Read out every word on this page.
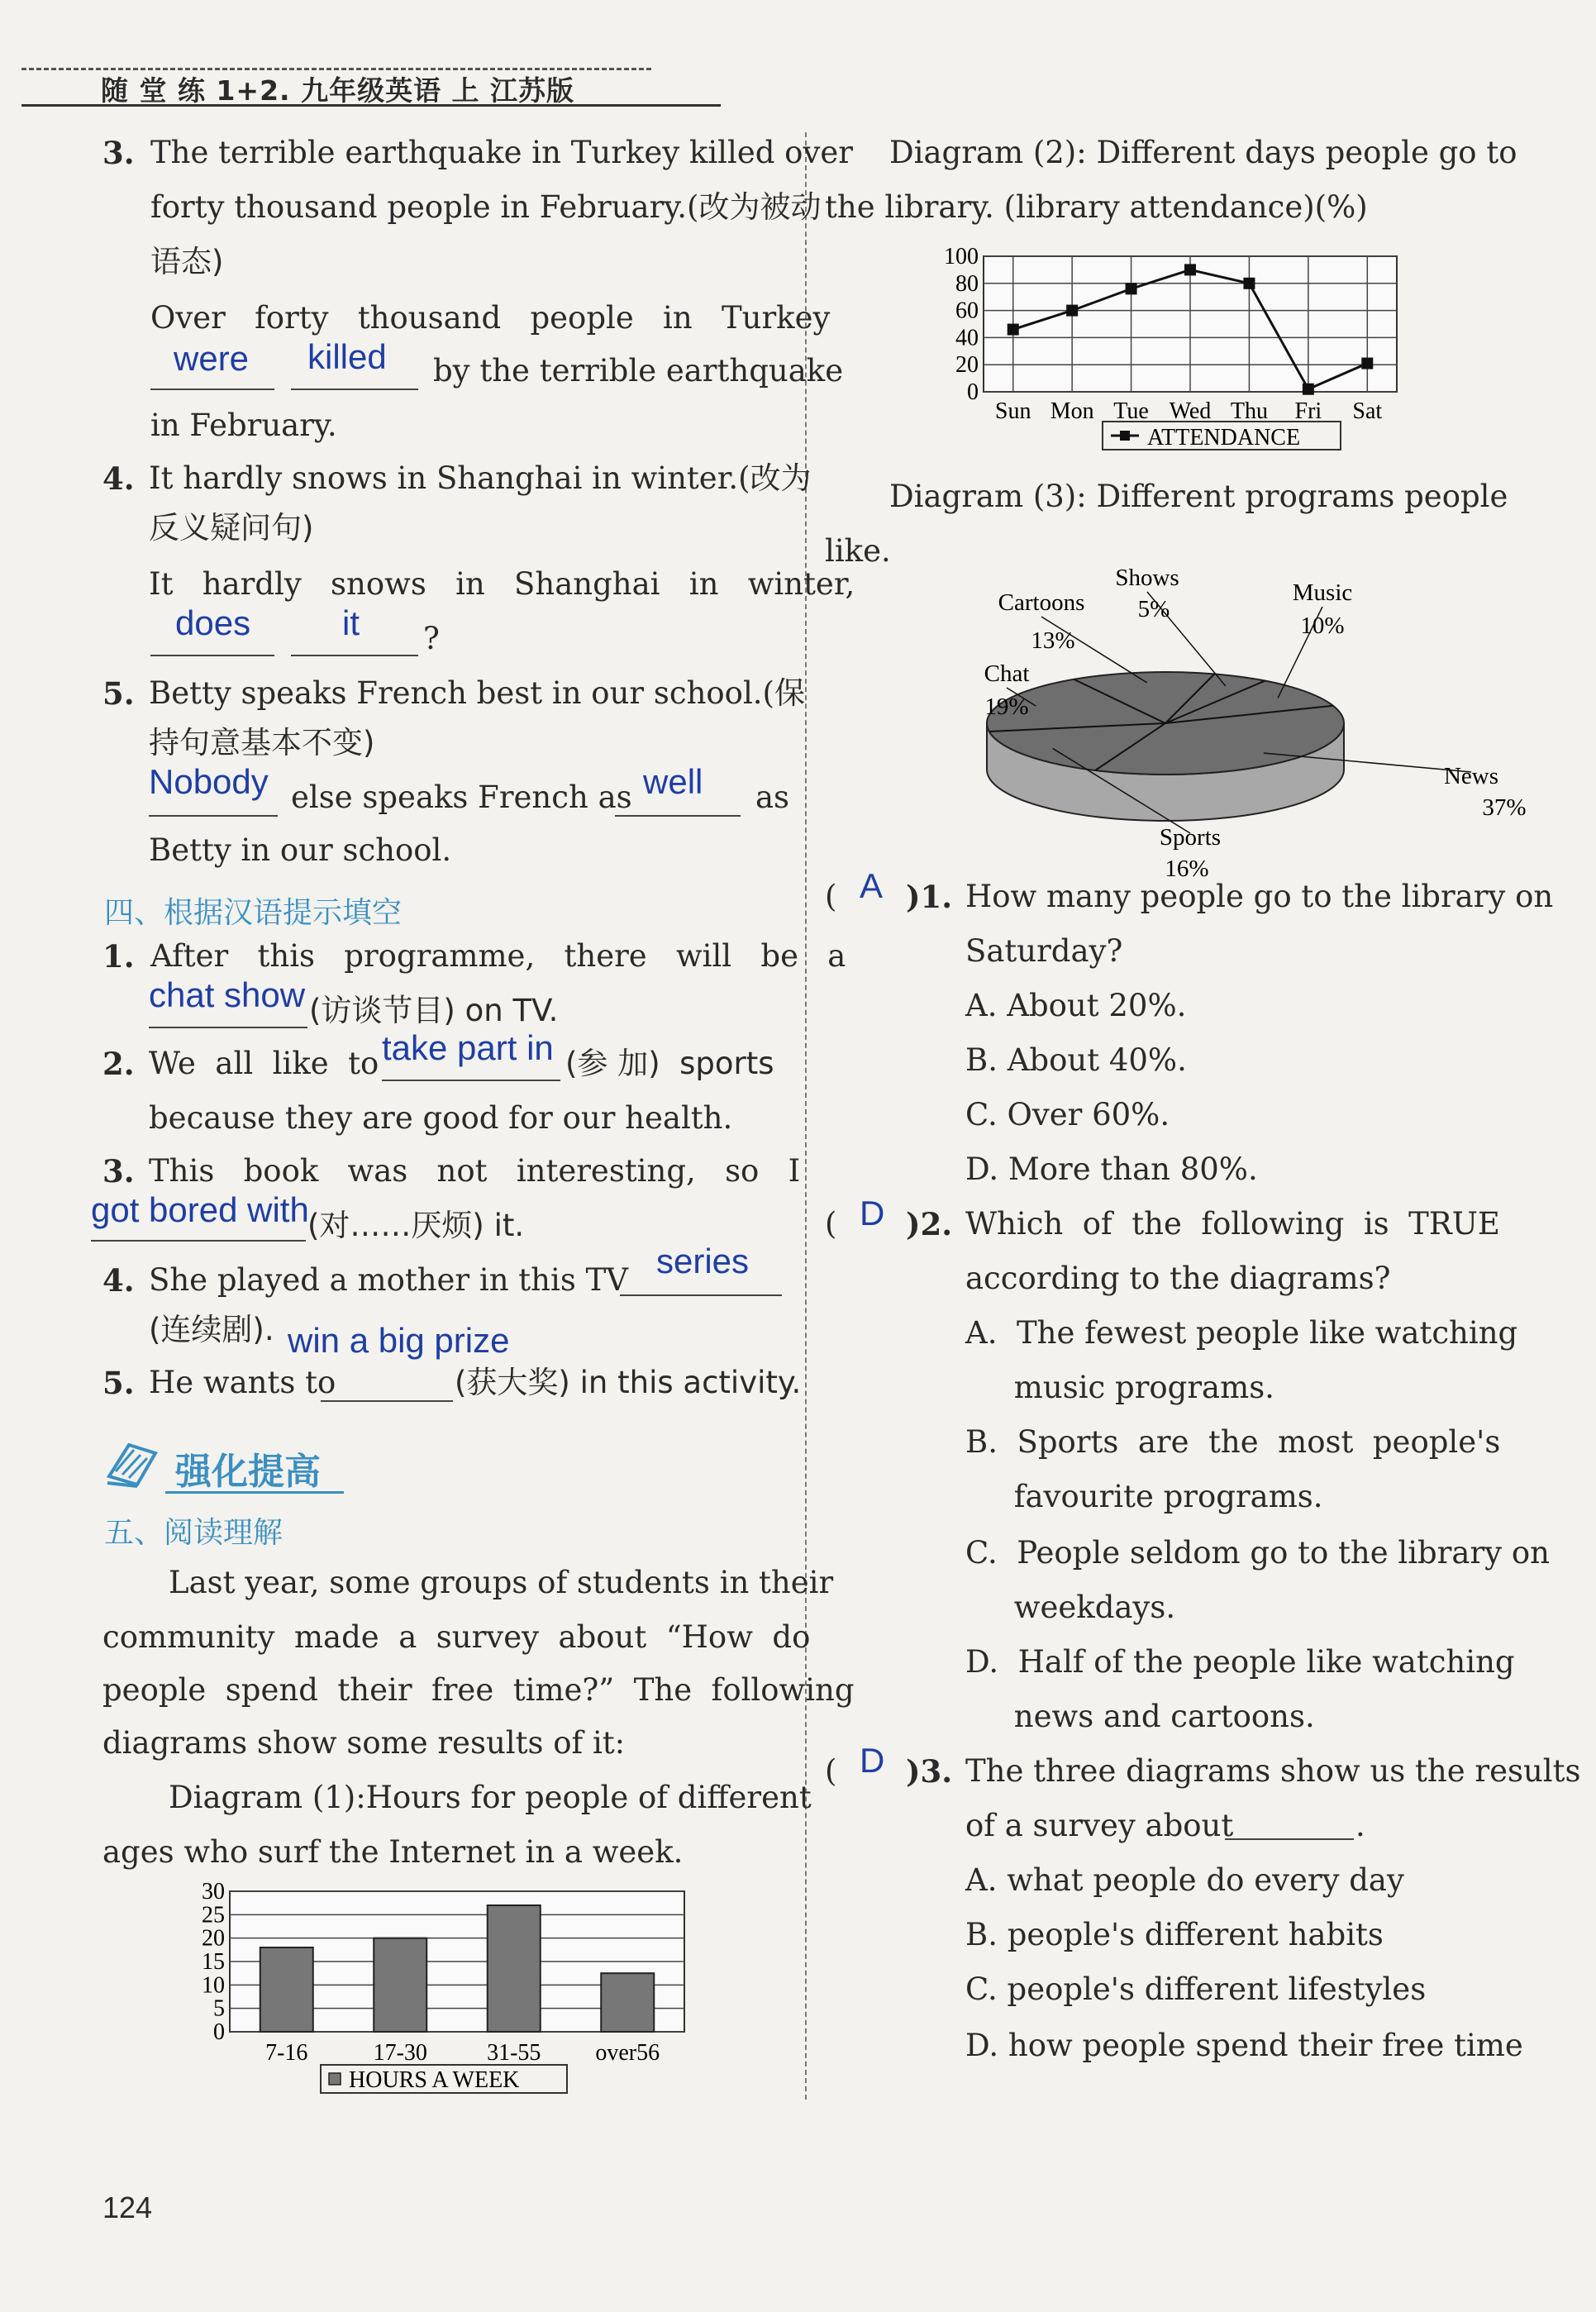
随 堂 练 1+2. 九年级英语 上 江苏版
3. The terrible earthquake in Turkey killed over
forty thousand people in February.(改为被动
语态)
Over   forty   thousand   people   in   Turkey
were killed by the terrible earthquake
in February.
4. It hardly snows in Shanghai in winter.(改为
反义疑问句)
It   hardly   snows   in   Shanghai   in   winter,
does	it ?
5. Betty speaks French best in our school.(保
持句意基本不变)
Nobody else speaks French as well as
Betty in our school.
四、根据汉语提示填空
1. After   this   programme,   there   will   be   a
chat show (访谈节目) on TV.
2. We  all  like  to take part in (参 加)  sports
because they are good for our health.
3. This   book   was   not   interesting,   so   I
got bored with
(对……厌烦) it.
4. She played a mother in this TV series
(连续剧).
5. He wants to
win a big prize
(获大奖) in this activity.
强化提高
五、阅读理解
Last year, some groups of students in their
community  made  a  survey  about  “How  do
people  spend  their  free  time?”  The  following
diagrams show some results of it:
Diagram (1):Hours for people of different
ages who surf the Internet in a week.
0
5
10
15
20
25
30
7-16	17-30	31-55 over56
HOURS A WEEK
Diagram (2): Different days people go to
the library. (library attendance)(%)
0
20
40
60
80
100
Sun Mon Tue Wed Thu Fri Sat
ATTENDANCE
Diagram (3): Different programs people
like.
News
37%
Sports
16%
Chat
19%
Cartoons
13%
Shows
5%
Music
10%
( A )1. How many people go to the library on
Saturday?
A. About 20%.
B. About 40%.
C. Over 60%.
D. More than 80%.
( D )2. Which  of  the  following  is  TRUE
according to the diagrams?
A.  The fewest people like watching
music programs.
B.  Sports  are  the  most  people's
favourite programs.
C.  People seldom go to the library on
weekdays.
D.  Half of the people like watching
news and cartoons.
( D )3. The three diagrams show us the results
of a survey about	.
A. what people do every day
B. people's different habits
C. people's different lifestyles
D. how people spend their free time
124
